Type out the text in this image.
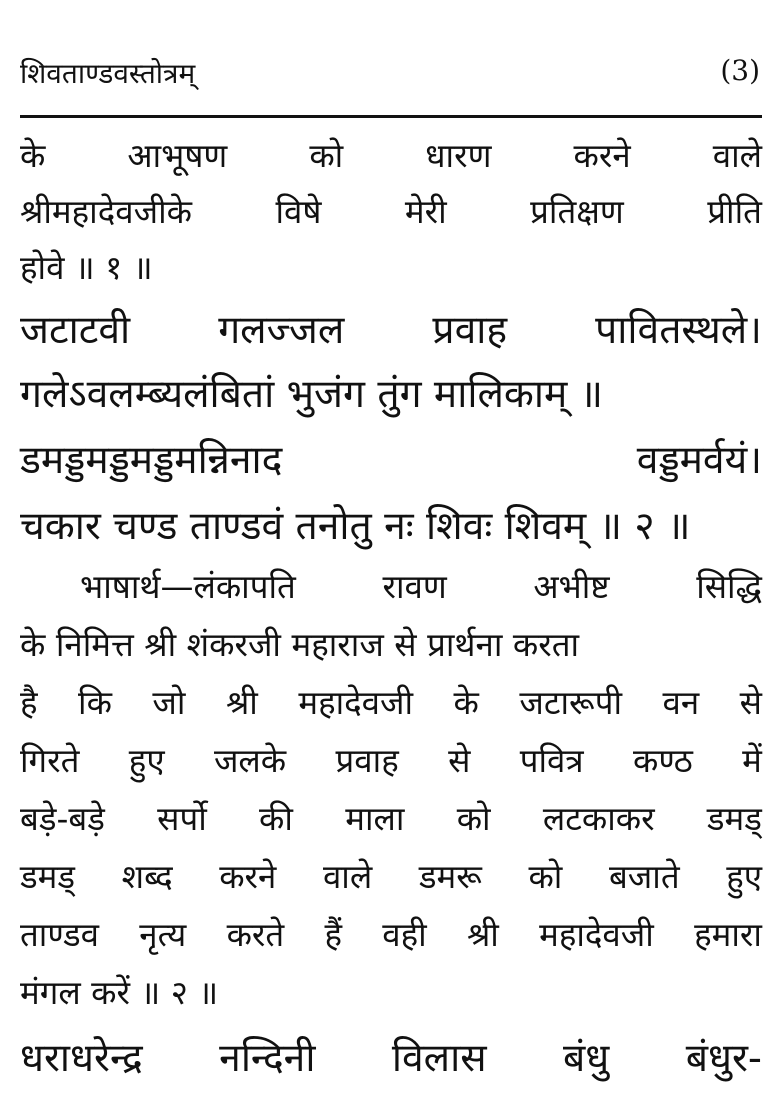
शिवताण्डवस्तोत्रम्	(3)
के आभूषण को धारण करने वाले
श्रीमहादेवजीके	विषे	मेरी	प्रतिक्षण	प्रीति
होवे ॥ १ ॥
जटाटवी गलज्जल प्रवाह पावितस्थले।
गलेऽवलम्ब्यलंबितां भुजंग तुंग मालिकाम् ॥
डमड्डमड्डमड्डमन्निनाद	वड्डमर्वयं।
चकार चण्ड ताण्डवं तनोतु नः शिवः शिवम् ॥ २ ॥
भाषार्थ—लंकापति	रावण	अभीष्ट	सिद्धि
के निमित्त श्री शंकरजी महाराज से प्रार्थना करता
है कि जो श्री महादेवजी के जटारूपी वन से
गिरते हुए जलके प्रवाह से पवित्र कण्ठ में
बड़े-बड़े सर्पो की माला को लटकाकर डमड्
डमड् शब्द करने वाले डमरू को बजाते हुए
ताण्डव नृत्य करते हैं वही श्री महादेवजी हमारा
मंगल करें ॥ २ ॥
धराधरेन्द्र नन्दिनी विलास बंधु बंधुर-
